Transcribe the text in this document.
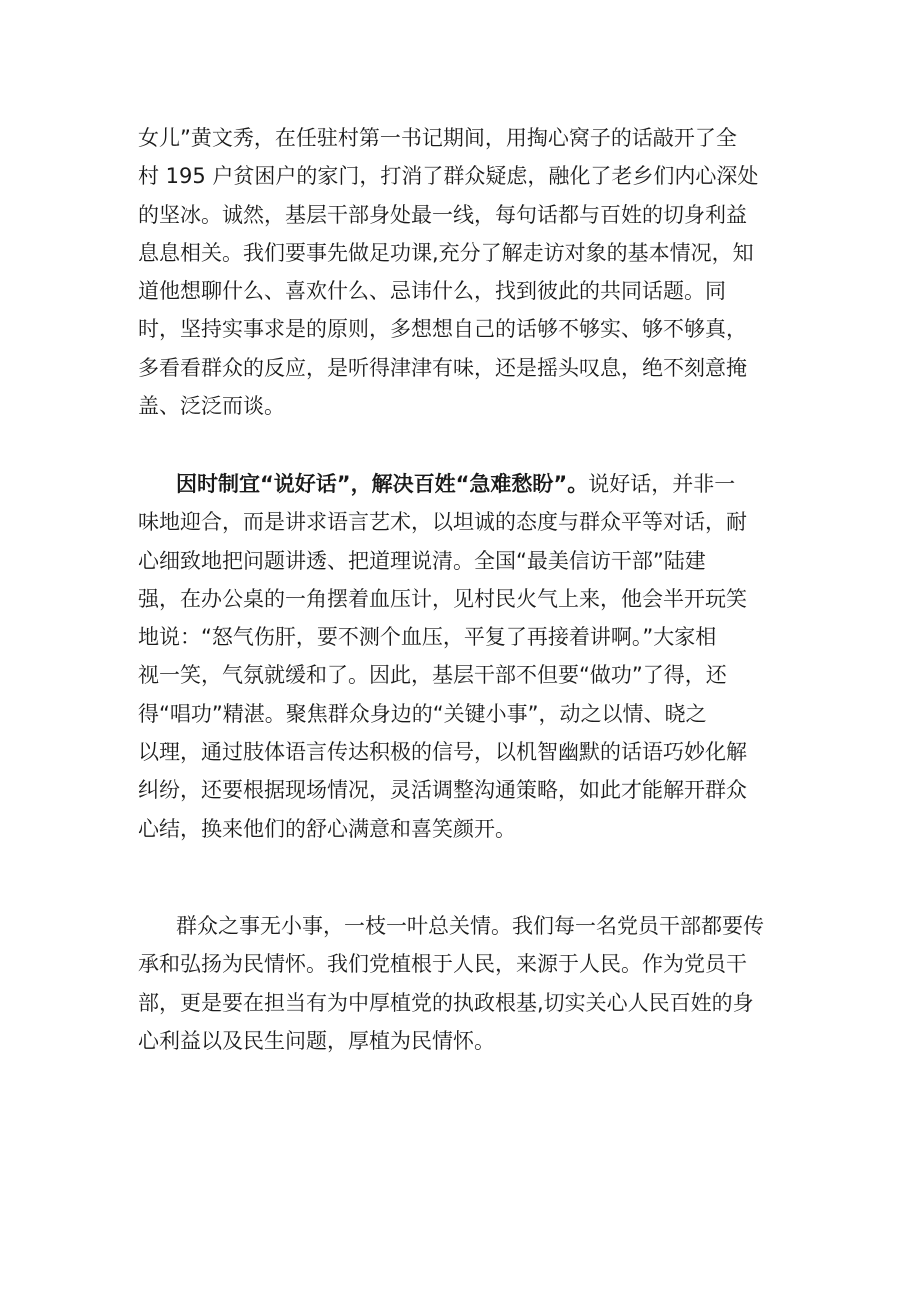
女儿”黄文秀，在任驻村第一书记期间，用掏心窝子的话敲开了全
村 195 户贫困户的家门，打消了群众疑虑，融化了老乡们内心深处
的坚冰。诚然，基层干部身处最一线，每句话都与百姓的切身利益
息息相关。我们要事先做足功课,充分了解走访对象的基本情况，知
道他想聊什么、喜欢什么、忌讳什么，找到彼此的共同话题。同
时，坚持实事求是的原则，多想想自己的话够不够实、够不够真，
多看看群众的反应，是听得津津有味，还是摇头叹息，绝不刻意掩
盖、泛泛而谈。
因时制宜“说好话”，解决百姓“急难愁盼”。说好话，并非一
味地迎合，而是讲求语言艺术，以坦诚的态度与群众平等对话，耐
心细致地把问题讲透、把道理说清。全国“最美信访干部”陆建
强，在办公桌的一角摆着血压计，见村民火气上来，他会半开玩笑
地说：“怒气伤肝，要不测个血压，平复了再接着讲啊。”大家相
视一笑，气氛就缓和了。因此，基层干部不但要“做功”了得，还
得“唱功”精湛。聚焦群众身边的“关键小事”，动之以情、晓之
以理，通过肢体语言传达积极的信号，以机智幽默的话语巧妙化解
纠纷，还要根据现场情况，灵活调整沟通策略，如此才能解开群众
心结，换来他们的舒心满意和喜笑颜开。
群众之事无小事，一枝一叶总关情。我们每一名党员干部都要传
承和弘扬为民情怀。我们党植根于人民，来源于人民。作为党员干
部，更是要在担当有为中厚植党的执政根基,切实关心人民百姓的身
心利益以及民生问题，厚植为民情怀。
